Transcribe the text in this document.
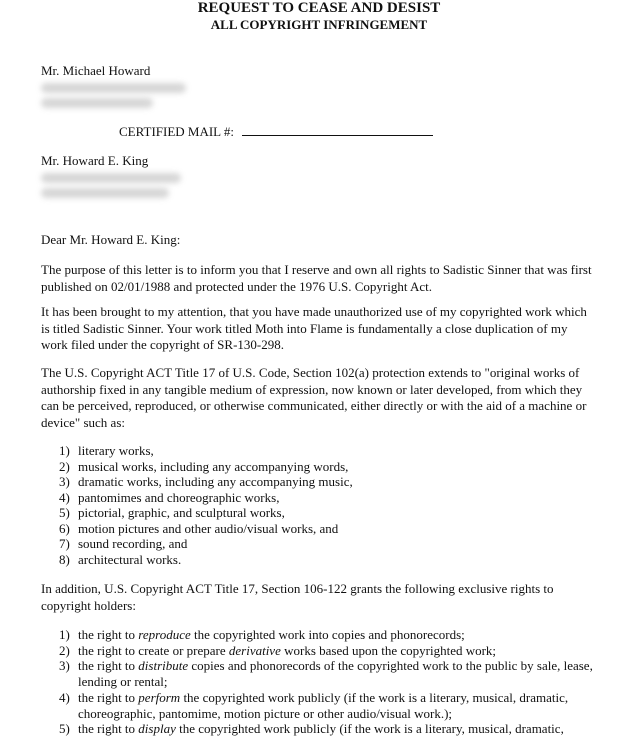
REQUEST TO CEASE AND DESIST
ALL COPYRIGHT INFRINGEMENT
Mr. Michael Howard
CERTIFIED MAIL #:
Mr. Howard E. King
Dear Mr. Howard E. King:
The purpose of this letter is to inform you that I reserve and own all rights to Sadistic Sinner that was first published on 02/01/1988 and protected under the 1976 U.S. Copyright Act.
It has been brought to my attention, that you have made unauthorized use of my copyrighted work which is titled Sadistic Sinner. Your work titled Moth into Flame is fundamentally a close duplication of my work filed under the copyright of SR-130-298.
The U.S. Copyright ACT Title 17 of U.S. Code, Section 102(a) protection extends to "original works of authorship fixed in any tangible medium of expression, now known or later developed, from which they can be perceived, reproduced, or otherwise communicated, either directly or with the aid of a machine or device" such as:
1) literary works,
2) musical works, including any accompanying words,
3) dramatic works, including any accompanying music,
4) pantomimes and choreographic works,
5) pictorial, graphic, and sculptural works,
6) motion pictures and other audio/visual works, and
7) sound recording, and
8) architectural works.
In addition, U.S. Copyright ACT Title 17, Section 106-122 grants the following exclusive rights to copyright holders:
1) the right to reproduce the copyrighted work into copies and phonorecords;
2) the right to create or prepare derivative works based upon the copyrighted work;
3) the right to distribute copies and phonorecords of the copyrighted work to the public by sale, lease, lending or rental;
4) the right to perform the copyrighted work publicly (if the work is a literary, musical, dramatic, choreographic, pantomime, motion picture or other audio/visual work.);
5) the right to display the copyrighted work publicly (if the work is a literary, musical, dramatic,
